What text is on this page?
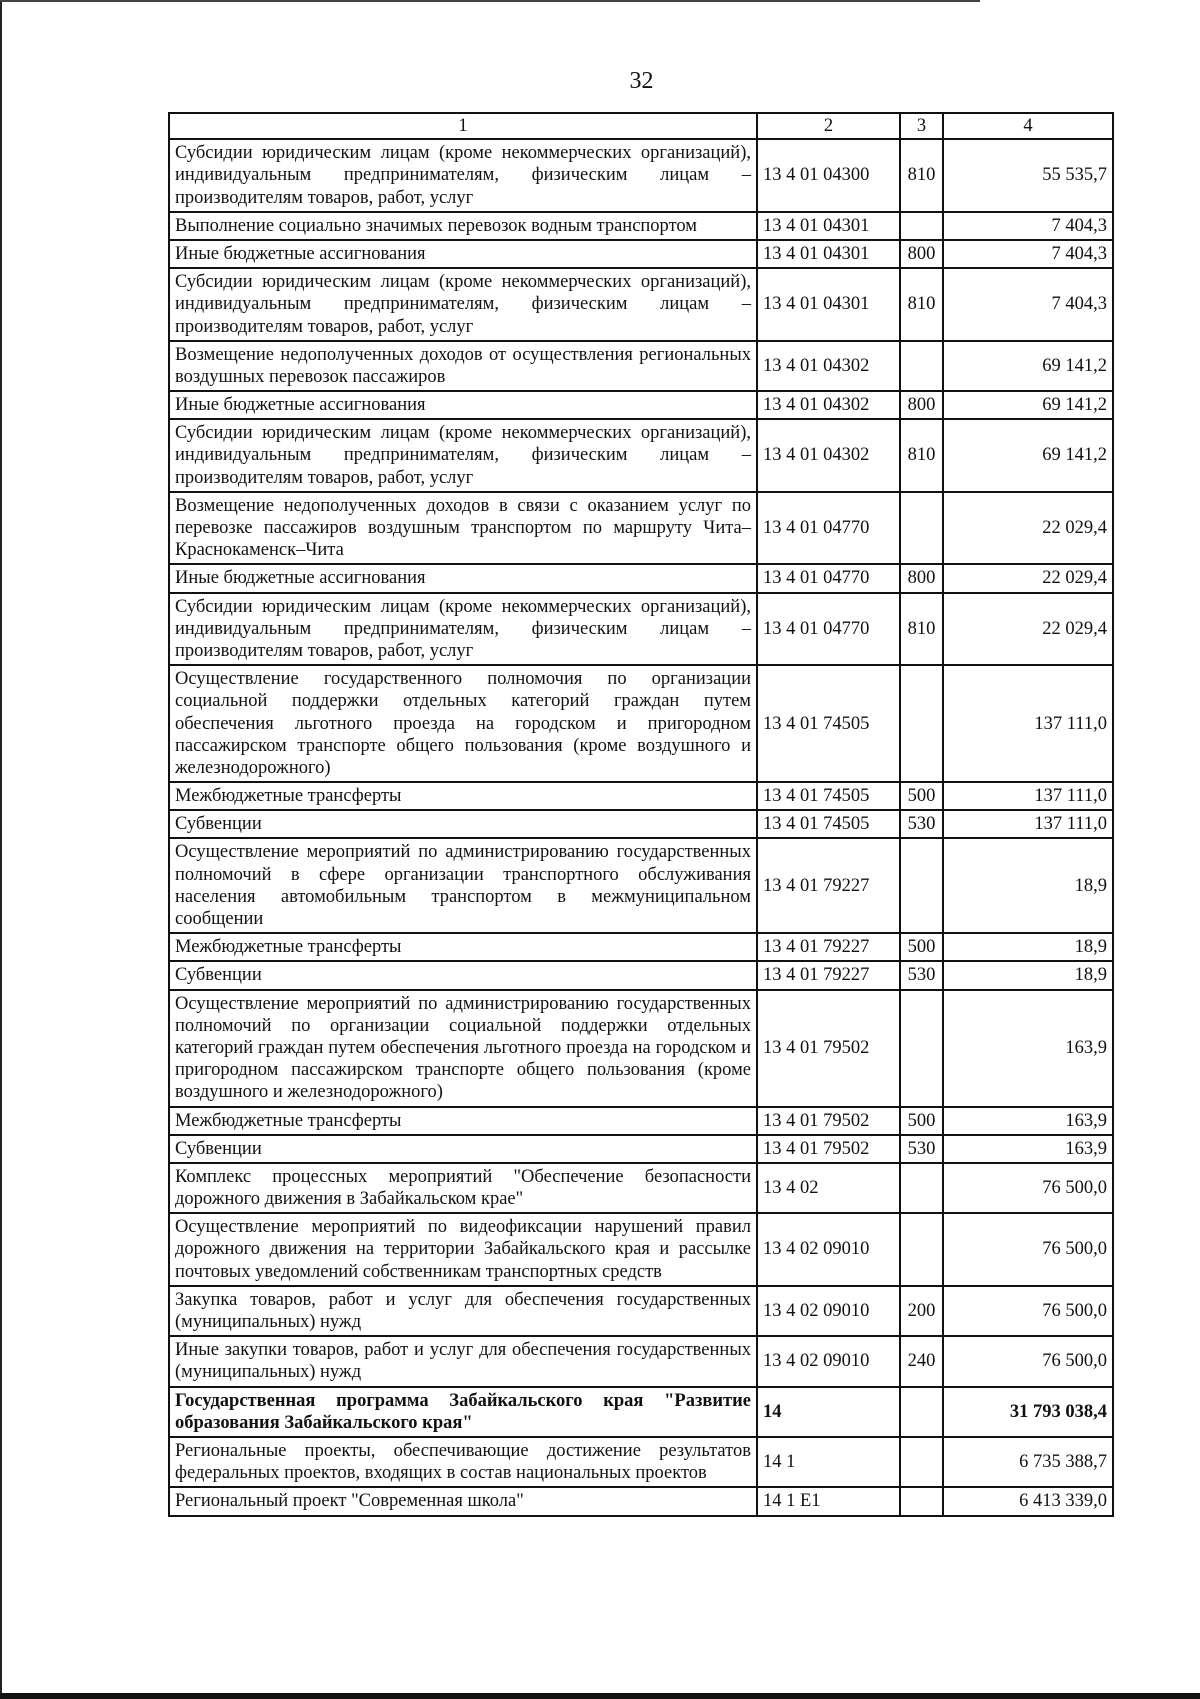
32
1	2	3	4
Субсидии юридическим лицам (кроме некоммерческих организаций), индивидуальным предпринимателям, физическим лицам – производителям товаров, работ, услуг	13 4 01 04300	810	55 535,7
Выполнение социально значимых перевозок водным транспортом	13 4 01 04301		7 404,3
Иные бюджетные ассигнования	13 4 01 04301	800	7 404,3
Субсидии юридическим лицам (кроме некоммерческих организаций), индивидуальным предпринимателям, физическим лицам – производителям товаров, работ, услуг	13 4 01 04301	810	7 404,3
Возмещение недополученных доходов от осуществления региональных воздушных перевозок пассажиров	13 4 01 04302		69 141,2
Иные бюджетные ассигнования	13 4 01 04302	800	69 141,2
Субсидии юридическим лицам (кроме некоммерческих организаций), индивидуальным предпринимателям, физическим лицам – производителям товаров, работ, услуг	13 4 01 04302	810	69 141,2
Возмещение недополученных доходов в связи с оказанием услуг по перевозке пассажиров воздушным транспортом по маршруту Чита–Краснокаменск–Чита	13 4 01 04770		22 029,4
Иные бюджетные ассигнования	13 4 01 04770	800	22 029,4
Субсидии юридическим лицам (кроме некоммерческих организаций), индивидуальным предпринимателям, физическим лицам – производителям товаров, работ, услуг	13 4 01 04770	810	22 029,4
Осуществление государственного полномочия по организации социальной поддержки отдельных категорий граждан путем обеспечения льготного проезда на городском и пригородном пассажирском транспорте общего пользования (кроме воздушного и железнодорожного)	13 4 01 74505		137 111,0
Межбюджетные трансферты	13 4 01 74505	500	137 111,0
Субвенции	13 4 01 74505	530	137 111,0
Осуществление мероприятий по администрированию государственных полномочий в сфере организации транспортного обслуживания населения автомобильным транспортом в межмуниципальном сообщении	13 4 01 79227		18,9
Межбюджетные трансферты	13 4 01 79227	500	18,9
Субвенции	13 4 01 79227	530	18,9
Осуществление мероприятий по администрированию государственных полномочий по организации социальной поддержки отдельных категорий граждан путем обеспечения льготного проезда на городском и пригородном пассажирском транспорте общего пользования (кроме воздушного и железнодорожного)	13 4 01 79502		163,9
Межбюджетные трансферты	13 4 01 79502	500	163,9
Субвенции	13 4 01 79502	530	163,9
Комплекс процессных мероприятий "Обеспечение безопасности дорожного движения в Забайкальском крае"	13 4 02		76 500,0
Осуществление мероприятий по видеофиксации нарушений правил дорожного движения на территории Забайкальского края и рассылке почтовых уведомлений собственникам транспортных средств	13 4 02 09010		76 500,0
Закупка товаров, работ и услуг для обеспечения государственных (муниципальных) нужд	13 4 02 09010	200	76 500,0
Иные закупки товаров, работ и услуг для обеспечения государственных (муниципальных) нужд	13 4 02 09010	240	76 500,0
Государственная программа Забайкальского края "Развитие образования Забайкальского края"	14		31 793 038,4
Региональные проекты, обеспечивающие достижение результатов федеральных проектов, входящих в состав национальных проектов	14 1		6 735 388,7
Региональный проект "Современная школа"	14 1 E1		6 413 339,0
